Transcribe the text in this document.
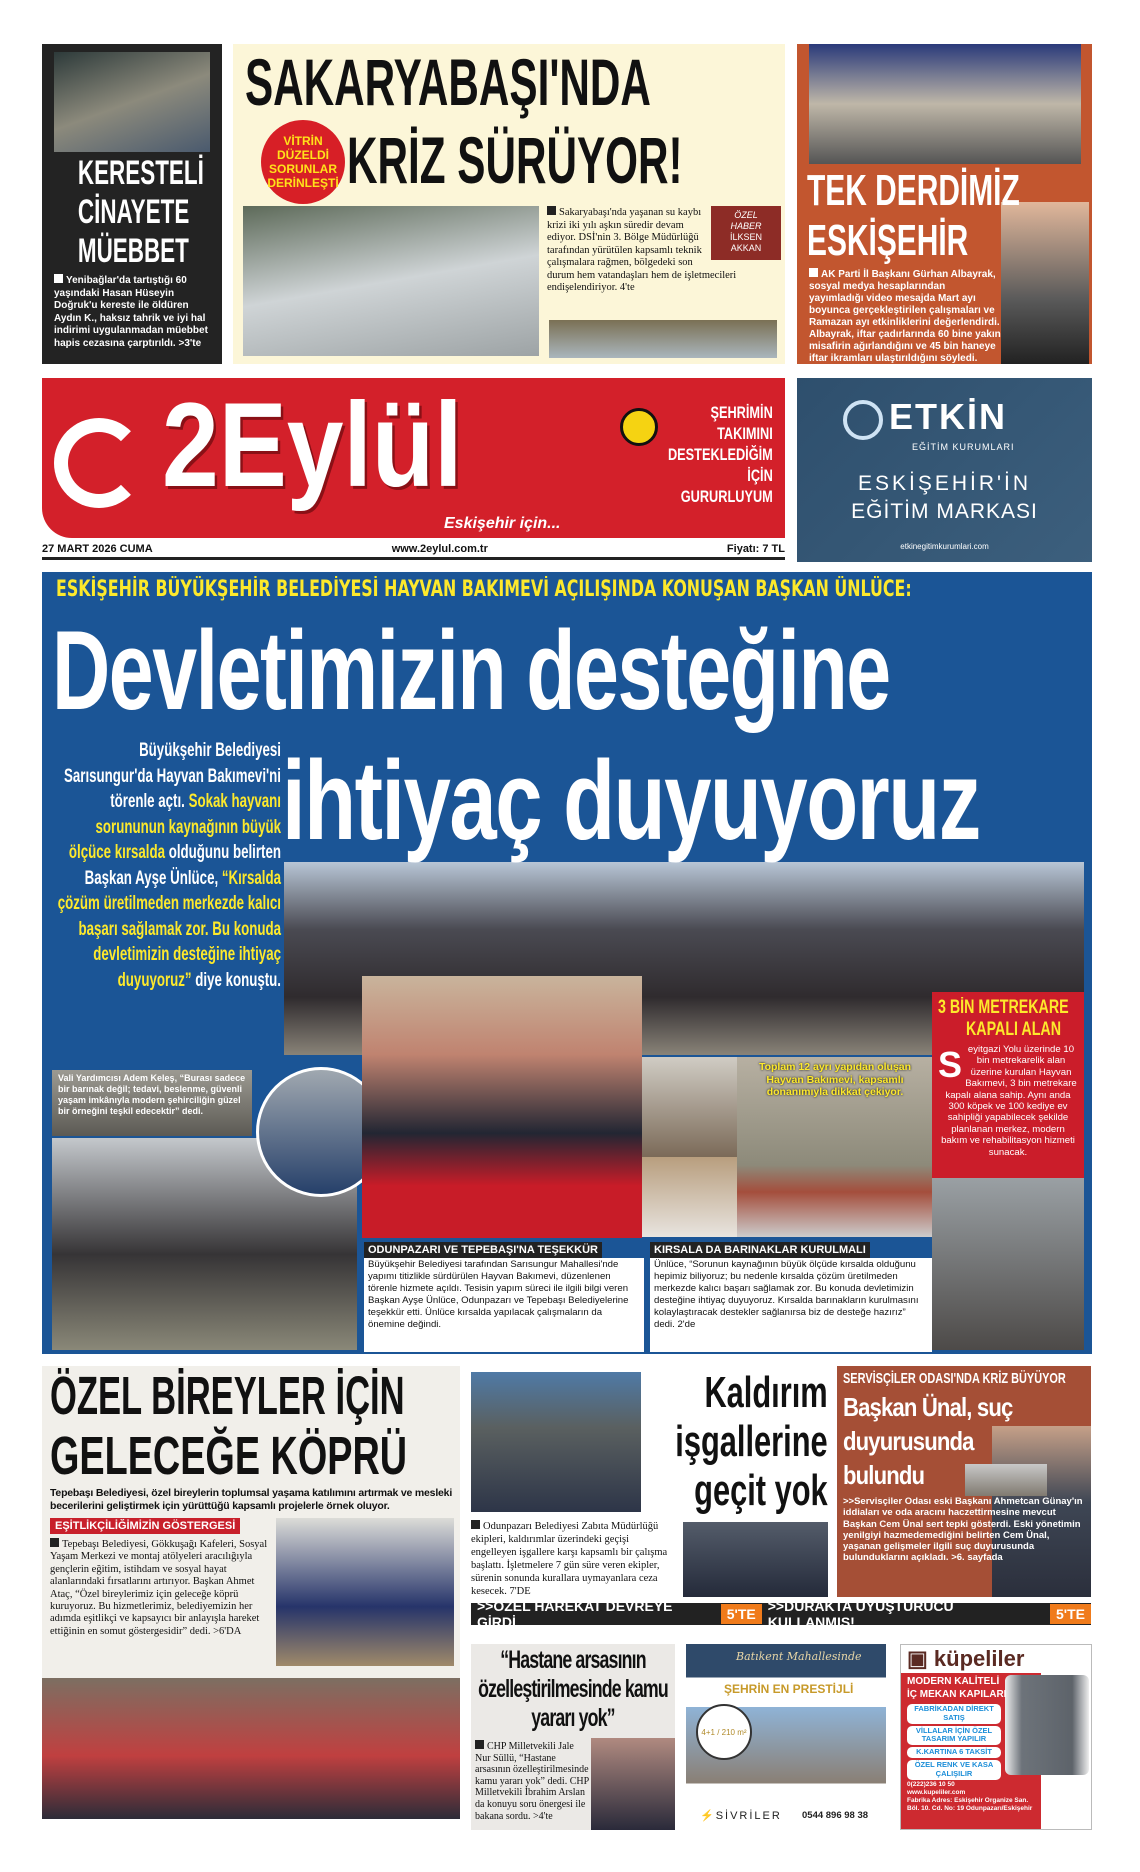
KERESTELİ
CİNAYETE
MÜEBBET
Yenibağlar'da tartıştığı 60 yaşındaki Hasan Hüseyin Doğruk'u kereste ile öldüren Aydın K., haksız tahrik ve iyi hal indirimi uygulanmadan müebbet hapis cezasına çarptırıldı. >3'te
SAKARYABAŞI'NDA
KRİZ SÜRÜYOR!
VİTRİN
DÜZELDİ
SORUNLAR
DERİNLEŞTİ
ÖZEL
HABER
İLKSEN
AKKAN
Sakaryabaşı'nda yaşanan su kaybı krizi iki yılı aşkın süredir devam ediyor. DSİ'nin 3. Bölge Müdürlüğü tarafından yürütülen kapsamlı teknik çalışmalara rağmen, bölgedeki son durum hem vatandaşları hem de işletmecileri endişelendiriyor. 4'te
TEK DERDİMİZ
ESKİŞEHİR
AK Parti İl Başkanı Gürhan Albayrak, sosyal medya hesaplarından yayımladığı video mesajda Mart ayı boyunca gerçekleştirilen çalışmaları ve Ramazan ayı etkinliklerini değerlendirdi. Albayrak, iftar çadırlarında 60 bine yakın misafirin ağırlandığını ve 45 bin haneye iftar ikramları ulaştırıldığını söyledi. >3'te
2Eylül
Eskişehir için...
ŞEHRİMİN
TAKIMINI
DESTEKLEDİĞİM
İÇİN
GURURLUYUM
27 MART 2026 CUMA	www.2eylul.com.tr	Fiyatı: 7 TL
ETKİN
EĞİTİM KURUMLARI
ESKİŞEHİR'İN
EĞİTİM MARKASI
etkinegitimkurumlari.com
ESKİŞEHİR BÜYÜKŞEHİR BELEDİYESİ HAYVAN BAKIMEVİ AÇILIŞINDA KONUŞAN BAŞKAN ÜNLÜCE:
Devletimizin desteğine
ihtiyaç duyuyoruz
Büyükşehir Belediyesi Sarısungur'da Hayvan Bakımevi'ni törenle açtı. Sokak hayvanı sorununun kaynağının büyük ölçüce kırsalda olduğunu belirten Başkan Ayşe Ünlüce, “Kırsalda çözüm üretilmeden merkezde kalıcı başarı sağlamak zor. Bu konuda devletimizin desteğine ihtiyaç duyuyoruz” diye konuştu.
Vali Yardımcısı Adem Keleş, “Burası sadece bir barınak değil; tedavi, beslenme, güvenli yaşam imkânıyla modern şehirciliğin güzel bir örneğini teşkil edecektir” dedi.
Toplam 12 ayrı yapıdan oluşan Hayvan Bakımevi, kapsamlı donanımıyla dikkat çekiyor.
3 BİN METREKARE
KAPALI ALAN
Seyitgazi Yolu üzerinde 10 bin metrekarelik alan üzerine kurulan Hayvan Bakımevi, 3 bin metrekare kapalı alana sahip. Aynı anda 300 köpek ve 100 kediye ev sahipliği yapabilecek şekilde planlanan merkez, modern bakım ve rehabilitasyon hizmeti sunacak.
ODUNPAZARI VE TEPEBAŞI'NA TEŞEKKÜR
Büyükşehir Belediyesi tarafından Sarısungur Mahallesi'nde yapımı titizlikle sürdürülen Hayvan Bakımevi, düzenlenen törenle hizmete açıldı. Tesisin yapım süreci ile ilgili bilgi veren Başkan Ayşe Ünlüce, Odunpazarı ve Tepebaşı Belediyelerine teşekkür etti. Ünlüce kırsalda yapılacak çalışmaların da önemine değindi.
KIRSALA DA BARINAKLAR KURULMALI
Ünlüce, “Sorunun kaynağının büyük ölçüde kırsalda olduğunu hepimiz biliyoruz; bu nedenle kırsalda çözüm üretilmeden merkezde kalıcı başarı sağlamak zor. Bu konuda devletimizin desteğine ihtiyaç duyuyoruz. Kırsalda barınakların kurulmasını kolaylaştıracak destekler sağlanırsa biz de desteğe hazırız” dedi. 2'de
ÖZEL BİREYLER İÇİN
GELECEĞE KÖPRÜ
Tepebaşı Belediyesi, özel bireylerin toplumsal yaşama katılımını artırmak ve mesleki becerilerini geliştirmek için yürüttüğü kapsamlı projelerle örnek oluyor.
EŞİTLİKÇİLİĞİMİZİN GÖSTERGESİ
Tepebaşı Belediyesi, Gökkuşağı Kafeleri, Sosyal Yaşam Merkezi ve montaj atölyeleri aracılığıyla gençlerin eğitim, istihdam ve sosyal hayat alanlarındaki fırsatlarını artırıyor. Başkan Ahmet Ataç, “Özel bireylerimiz için geleceğe köprü kuruyoruz. Bu hizmetlerimiz, belediyemizin her adımda eşitlikçi ve kapsayıcı bir anlayışla hareket ettiğinin en somut göstergesidir” dedi. >6'DA
Kaldırım
işgallerine
geçit yok
Odunpazarı Belediyesi Zabıta Müdürlüğü ekipleri, kaldırımlar üzerindeki geçişi engelleyen işgallere karşı kapsamlı bir çalışma başlattı. İşletmelere 7 gün süre veren ekipler, sürenin sonunda kurallara uymayanlara ceza kesecek. 7'DE
SERVİSÇİLER ODASI'NDA KRİZ BÜYÜYOR
Başkan Ünal, suç duyurusunda bulundu
>>Servisçiler Odası eski Başkanı Ahmetcan Günay'ın iddiaları ve oda aracını haczettirmesine mevcut Başkan Cem Ünal sert tepki gösterdi. Eski yönetimin yenilgiyi hazmedemediğini belirten Cem Ünal, yaşanan gelişmeler ilgili suç duyurusunda bulunduklarını açıkladı. >6. sayfada
>>ÖZEL HAREKAT DEVREYE GİRDİ	5'TE >>DURAKTA UYUŞTURUCU KULLANMIŞ!	5'TE
“Hastane arsasının özelleştirilmesinde kamu yararı yok”
CHP Milletvekili Jale Nur Süllü, “Hastane arsasının özelleştirilmesinde kamu yararı yok” dedi. CHP Milletvekili İbrahim Arslan da konuyu soru önergesi ile bakana sordu. >4'te
Batıkent Mahallesinde
ŞEHRİN EN PRESTİJLİ
4+1 / 210 m²
⚡SİVRİLER 0544 896 98 38
▣ küpeliler
MODERN KALİTELİ
İÇ MEKAN KAPILARI
FABRİKADAN DİREKT SATIŞ
VİLLALAR İÇİN ÖZEL TASARIM YAPILIR
K.KARTINA 6 TAKSİT
ÖZEL RENK VE KASA ÇALIŞILIR
0(222)236 10 50
www.kupeliler.com
Fabrika Adres: Eskişehir Organize San. Böl. 10. Cd. No: 19 Odunpazarı/Eskişehir
